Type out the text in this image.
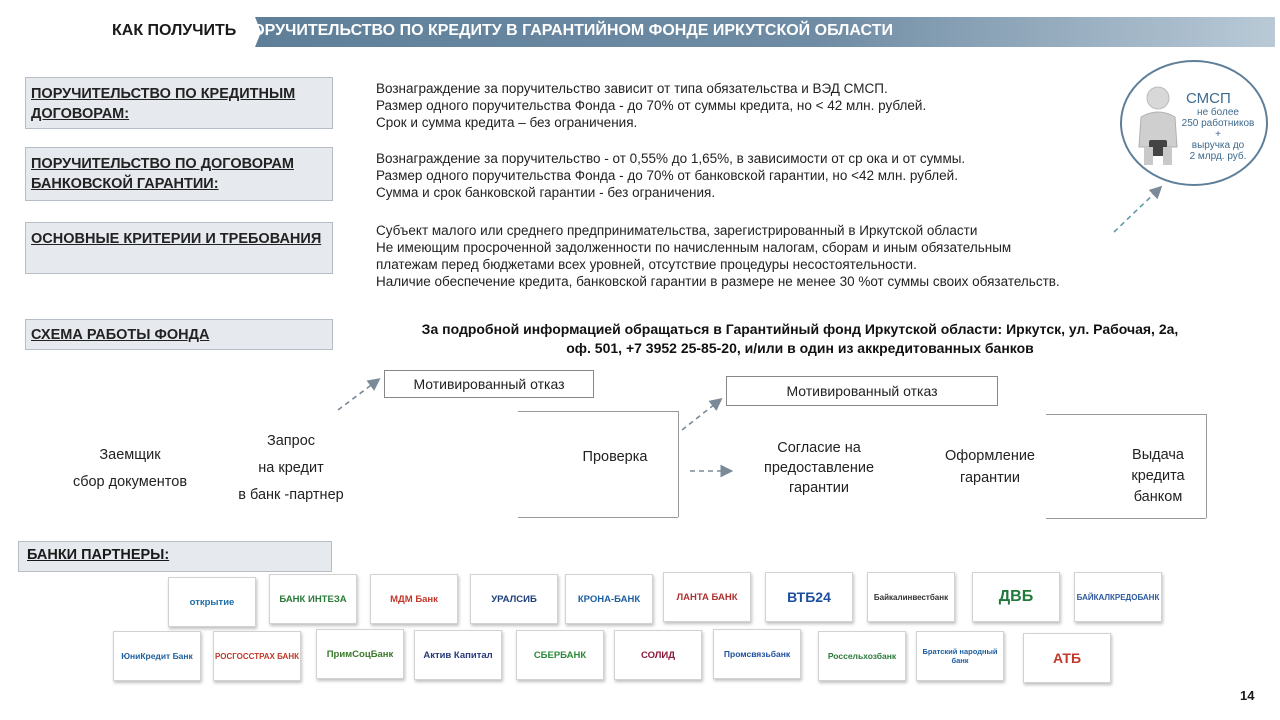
КАК ПОЛУЧИТЬ ПОРУЧИТЕЛЬСТВО ПО КРЕДИТУ В ГАРАНТИЙНОМ ФОНДЕ ИРКУТСКОЙ ОБЛАСТИ
ПОРУЧИТЕЛЬСТВО ПО КРЕДИТНЫМ ДОГОВОРАМ:
Вознаграждение за поручительство зависит от типа обязательства и ВЭД СМСП.
Размер одного поручительства Фонда - до 70% от суммы кредита, но < 42 млн. рублей.
Срок и сумма кредита – без ограничения.
ПОРУЧИТЕЛЬСТВО ПО ДОГОВОРАМ БАНКОВСКОЙ ГАРАНТИИ:
Вознаграждение за поручительство - от 0,55% до 1,65%, в зависимости от ср ока и от суммы.
Размер одного поручительства Фонда - до 70% от банковской гарантии, но <42 млн. рублей.
Сумма и срок банковской гарантии - без ограничения.
ОСНОВНЫЕ КРИТЕРИИ И ТРЕБОВАНИЯ
Субъект малого или среднего предпринимательства, зарегистрированный в Иркутской области
Не имеющим просроченной задолженности по начисленным налогам, сборам и иным обязательным
платежам перед бюджетами всех уровней, отсутствие процедуры несостоятельности.
Наличие обеспечение кредита, банковской гарантии в размере не менее 30 %от суммы своих обязательств.
СХЕМА РАБОТЫ ФОНДА	За подробной информацией обращаться в Гарантийный фонд Иркутской области: Иркутск, ул. Рабочая, 2а,
оф. 501, +7 3952 25‑85-20, и/или в один из аккредитованных банков
СМСП
не более
250 работников
+
выручка до
2 млрд. руб.
Мотивированный отказ	Мотивированный отказ
Заемщик
сбор документов
Запрос
на кредит
в банк -партнер
Проверка
Согласие на
предоставление
гарантии
Оформление
гарантии
Выдача
кредита
банком
БАНКИ ПАРТНЕРЫ:
открытие	БАНК ИНТЕЗА	МДМ Банк	УРАЛСИБ	КРОНА-БАНК	ЛАНТА БАНК	ВТБ24	Байкалинвестбанк	ДВБ	БАЙКАЛКРЕДОБАНК
ЮниКредит Банк	РОСГОССТРАХ БАНК	ПримСоцБанк	Актив Капитал	СБЕРБАНК	СОЛИД	Промсвязьбанк	Россельхозбанк	Братский народный банк	АТБ
14
